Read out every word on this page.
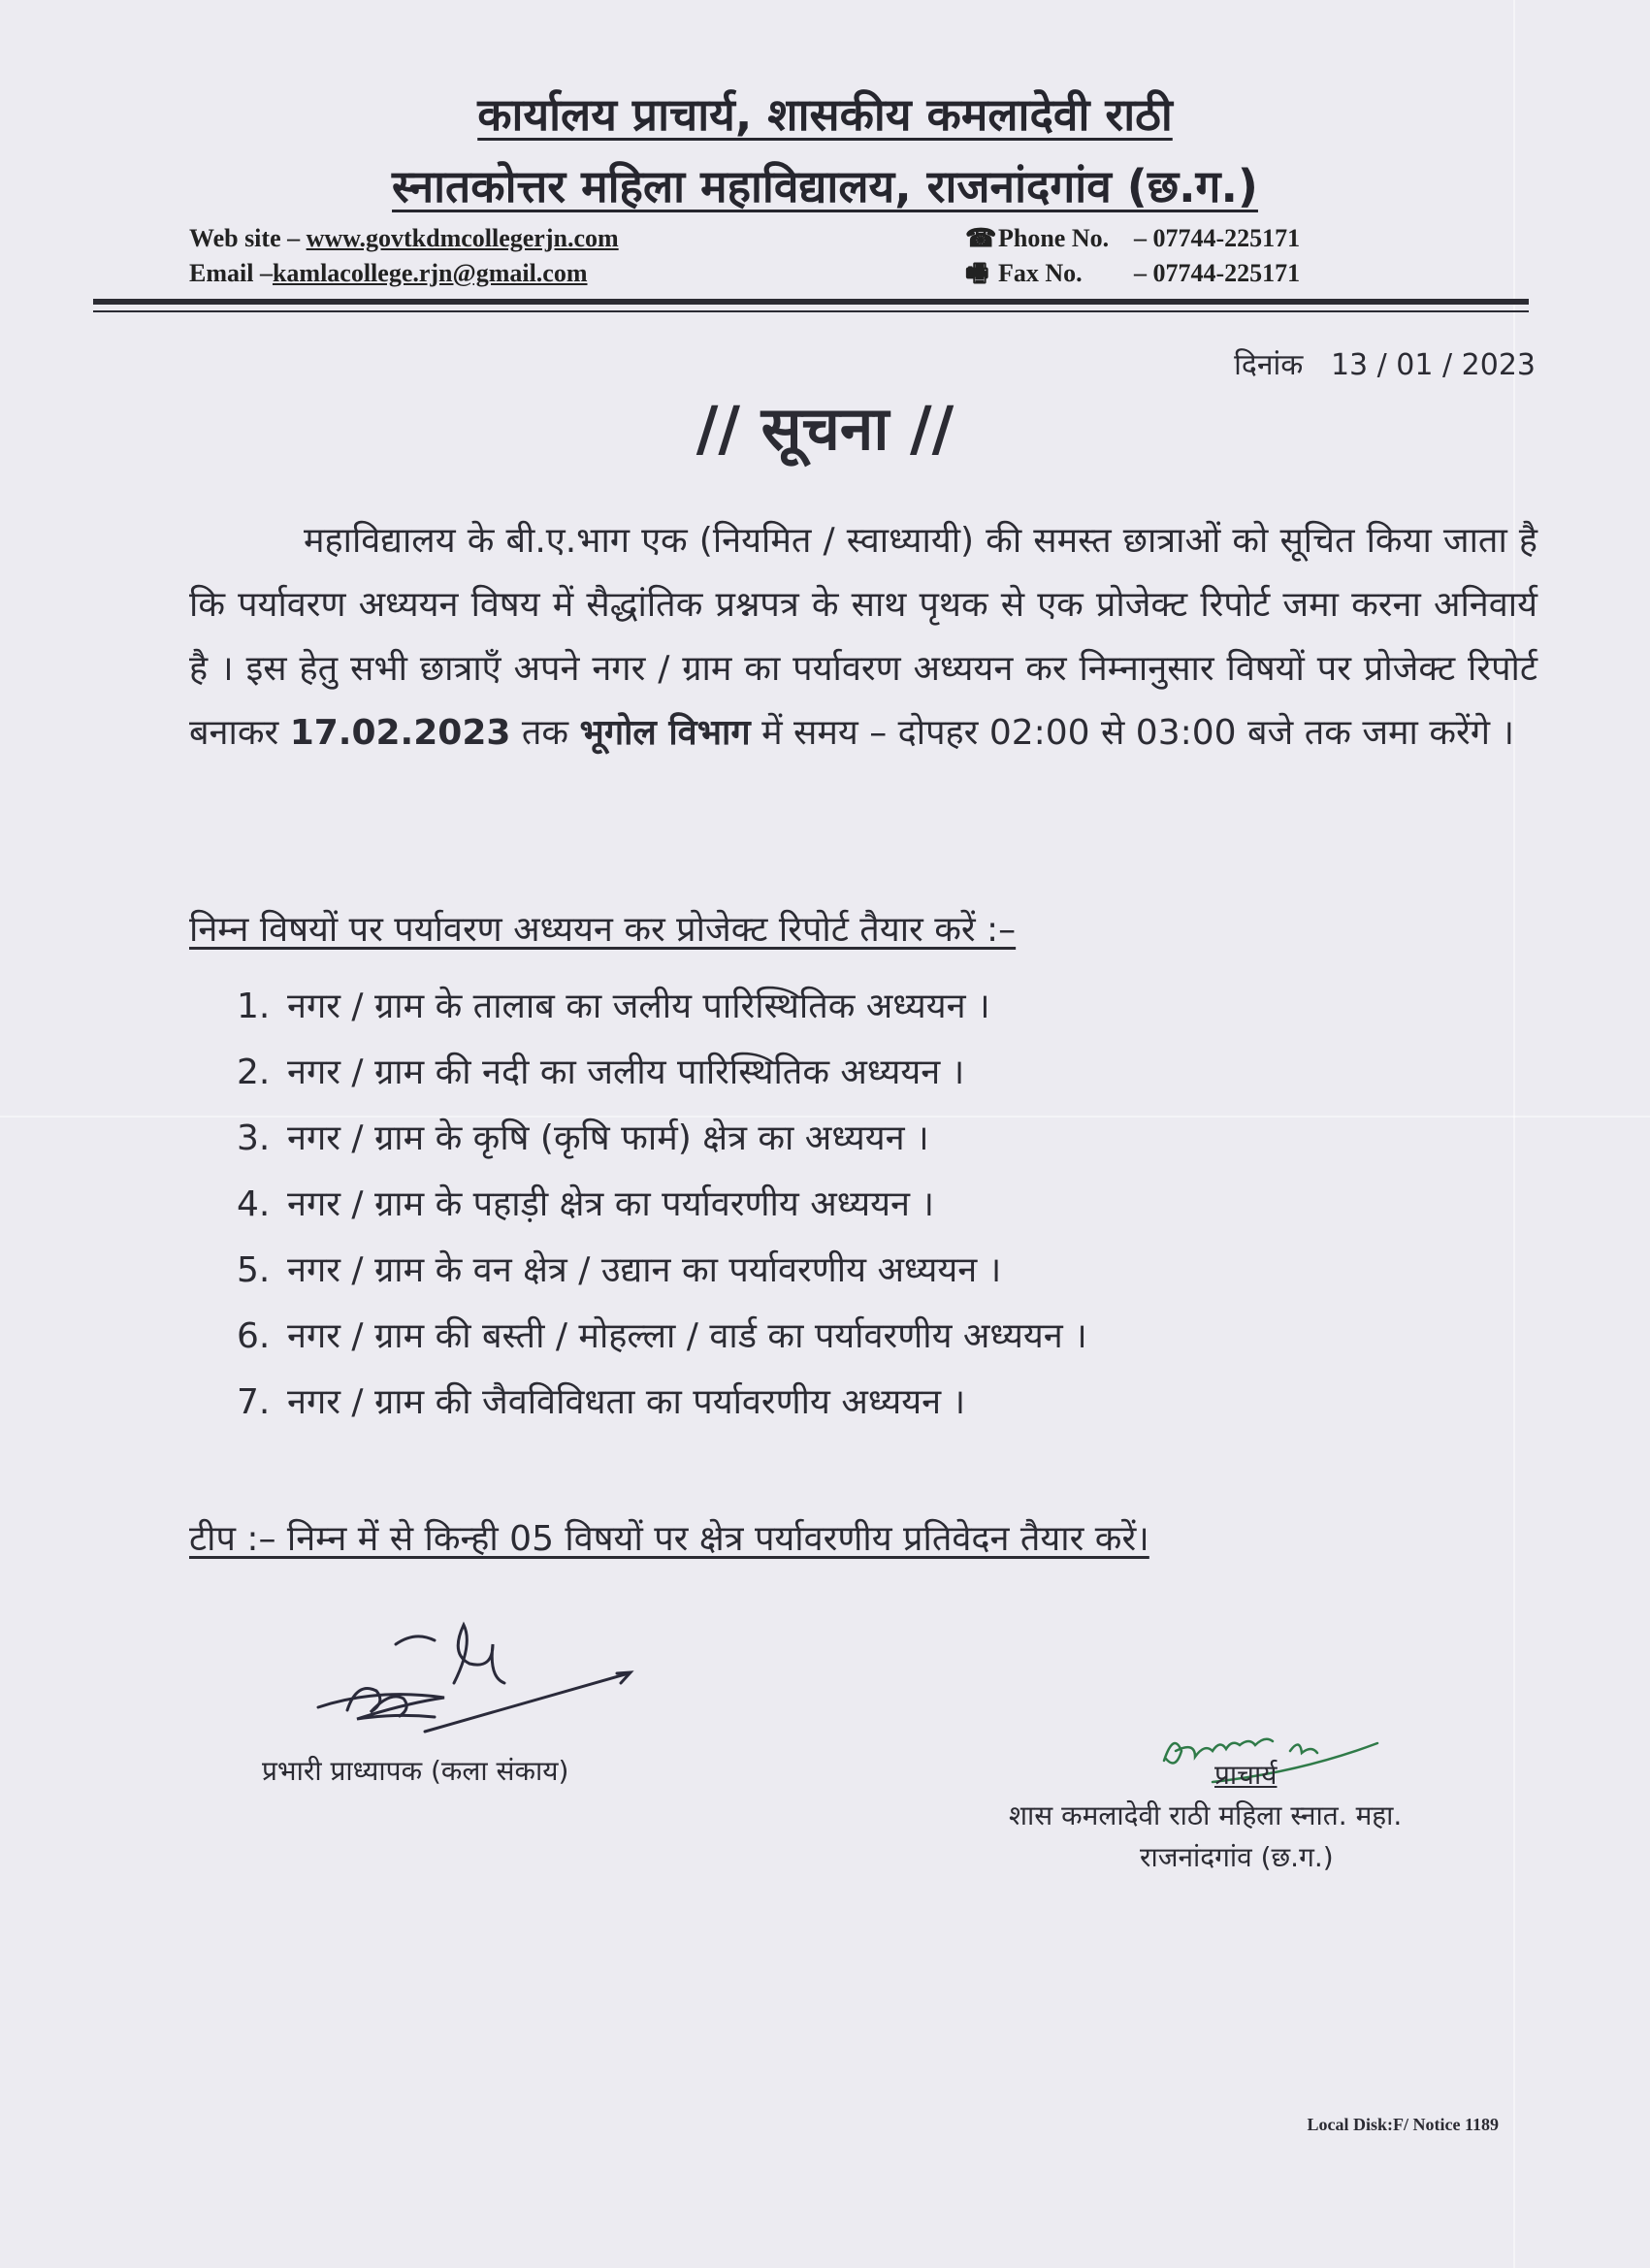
कार्यालय प्राचार्य, शासकीय कमलादेवी राठी
स्नातकोत्तर महिला महाविद्यालय, राजनांदगांव (छ.ग.)
Web site – www.govtkdmcollegerjn.com
Email –kamlacollege.rjn@gmail.com
☎Phone No. – 07744-225171
🖷 Fax No. – 07744-225171
दिनांक 13 / 01 / 2023
// सूचना //
महाविद्यालय के बी.ए.भाग एक (नियमित / स्वाध्यायी) की समस्त छात्राओं को सूचित किया जाता है कि पर्यावरण अध्ययन विषय में सैद्धांतिक प्रश्नपत्र के साथ पृथक से एक प्रोजेक्ट रिपोर्ट जमा करना अनिवार्य है । इस हेतु सभी छात्राएँ अपने नगर / ग्राम का पर्यावरण अध्ययन कर निम्नानुसार विषयों पर प्रोजेक्ट रिपोर्ट बनाकर 17.02.2023 तक भूगोल विभाग में समय – दोपहर 02:00 से 03:00 बजे तक जमा करेंगे ।
निम्न विषयों पर पर्यावरण अध्ययन कर प्रोजेक्ट रिपोर्ट तैयार करें :–
1. नगर / ग्राम के तालाब का जलीय पारिस्थितिक अध्ययन ।
2. नगर / ग्राम की नदी का जलीय पारिस्थितिक अध्ययन ।
3. नगर / ग्राम के कृषि (कृषि फार्म) क्षेत्र का अध्ययन ।
4. नगर / ग्राम के पहाड़ी क्षेत्र का पर्यावरणीय अध्ययन ।
5. नगर / ग्राम के वन क्षेत्र / उद्यान का पर्यावरणीय अध्ययन ।
6. नगर / ग्राम की बस्ती / मोहल्ला / वार्ड का पर्यावरणीय अध्ययन ।
7. नगर / ग्राम की जैवविविधता का पर्यावरणीय अध्ययन ।
टीप :– निम्न में से किन्ही 05 विषयों पर क्षेत्र पर्यावरणीय प्रतिवेदन तैयार करें।
प्रभारी प्राध्यापक (कला संकाय)	प्राचार्य
शास कमलादेवी राठी महिला स्नात. महा.
राजनांदगांव (छ.ग.)
Local Disk:F/ Notice 1189
